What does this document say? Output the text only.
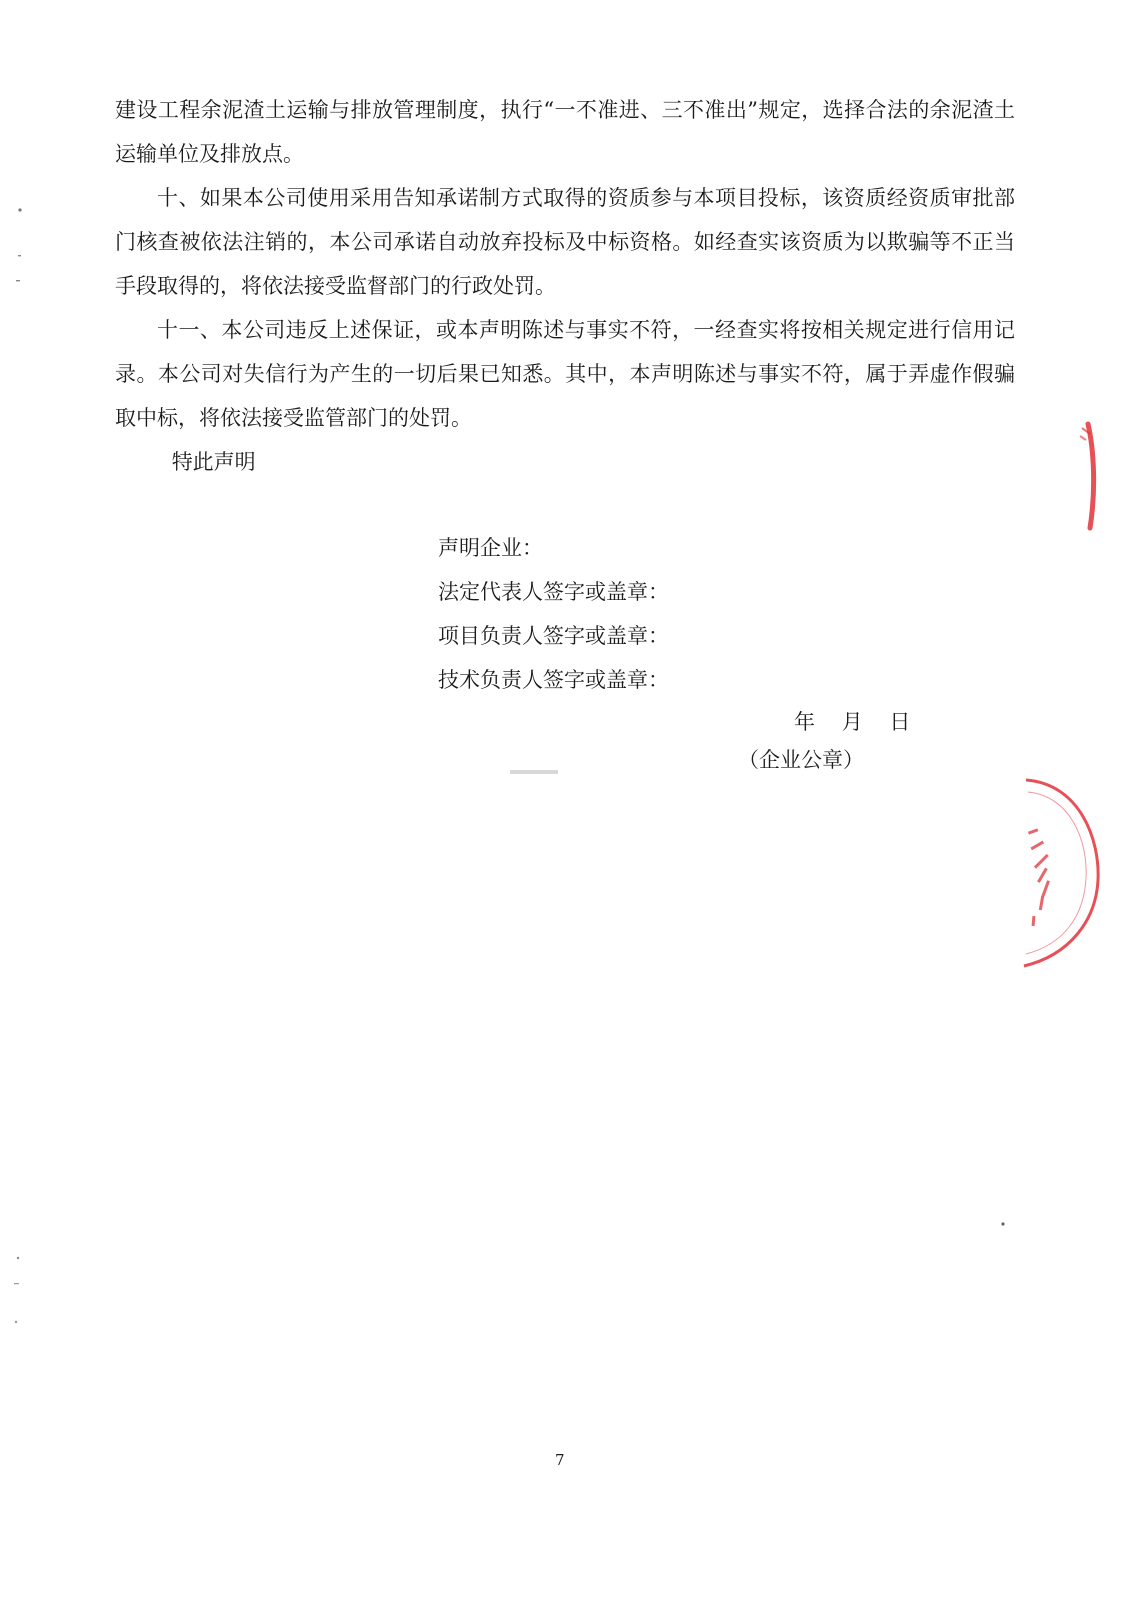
建设工程余泥渣土运输与排放管理制度，执行“一不准进、三不准出”规定，选择合法的余泥渣土运输单位及排放点。

十、如果本公司使用采用告知承诺制方式取得的资质参与本项目投标，该资质经资质审批部门核查被依法注销的，本公司承诺自动放弃投标及中标资格。如经查实该资质为以欺骗等不正当手段取得的，将依法接受监督部门的行政处罚。

十一、本公司违反上述保证，或本声明陈述与事实不符，一经查实将按相关规定进行信用记录。本公司对失信行为产生的一切后果已知悉。其中，本声明陈述与事实不符，属于弄虚作假骗取中标，将依法接受监管部门的处罚。

特此声明

声明企业：

法定代表人签字或盖章：

项目负责人签字或盖章：

技术负责人签字或盖章：

年    月    日
（企业公章）
7
